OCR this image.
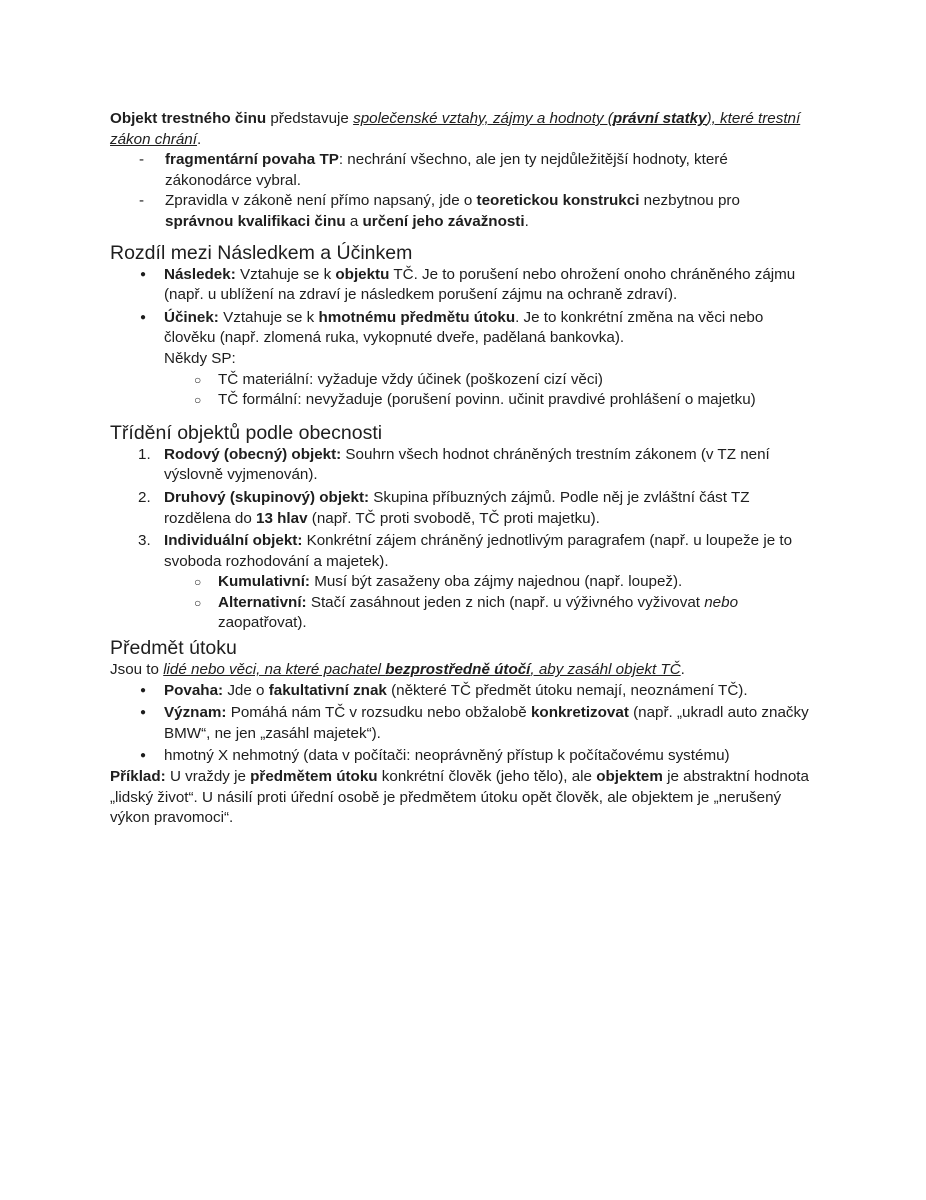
Objekt trestného činu představuje společenské vztahy, zájmy a hodnoty (právní statky), které trestní zákon chrání.

- fragmentární povaha TP: nechrání všechno, ale jen ty nejdůležitější hodnoty, které zákonodárce vybral.
- Zpravidla v zákoně není přímo napsaný, jde o teoretickou konstrukci nezbytnou pro správnou kvalifikaci činu a určení jeho závažnosti.
Rozdíl mezi Následkem a Účinkem
● Následek: Vztahuje se k objektu TČ. Je to porušení nebo ohrožení onoho chráněného zájmu (např. u ublížení na zdraví je následkem porušení zájmu na ochraně zdraví).
● Účinek: Vztahuje se k hmotnému předmětu útoku. Je to konkrétní změna na věci nebo člověku (např. zlomená ruka, vykopnuté dveře, padělaná bankovka).
Někdy SP:
○ TČ materiální: vyžaduje vždy účinek (poškození cizí věci)
○ TČ formální: nevyžaduje (porušení povinn. učinit pravdivé prohlášení o majetku)
Třídění objektů podle obecnosti
1. Rodový (obecný) objekt: Souhrn všech hodnot chráněných trestním zákonem (v TZ není výslovně vyjmenován).
2. Druhový (skupinový) objekt: Skupina příbuzných zájmů. Podle něj je zvláštní část TZ rozdělena do 13 hlav (např. TČ proti svobodě, TČ proti majetku).
3. Individuální objekt: Konkrétní zájem chráněný jednotlivým paragrafem (např. u loupeže je to svoboda rozhodování a majetek).
○ Kumulativní: Musí být zasaženy oba zájmy najednou (např. loupež).
○ Alternativní: Stačí zasáhnout jeden z nich (např. u výživného vyživovat nebo zaopatřovat).
Předmět útoku

Jsou to lidé nebo věci, na které pachatel bezprostředně útočí, aby zasáhl objekt TČ.

● Povaha: Jde o fakultativní znak (některé TČ předmět útoku nemají, neoznámení TČ).
● Význam: Pomáhá nám TČ v rozsudku nebo obžalobě konkretizovat (např. „ukradl auto značky BMW“, ne jen „zasáhl majetek“).
● hmotný X nehmotný (data v počítači: neoprávněný přístup k počítačovému systému)

Příklad: U vraždy je předmětem útoku konkrétní člověk (jeho tělo), ale objektem je abstraktní hodnota „lidský život“. U násilí proti úřední osobě je předmětem útoku opět člověk, ale objektem je „nerušený výkon pravomoci“.
